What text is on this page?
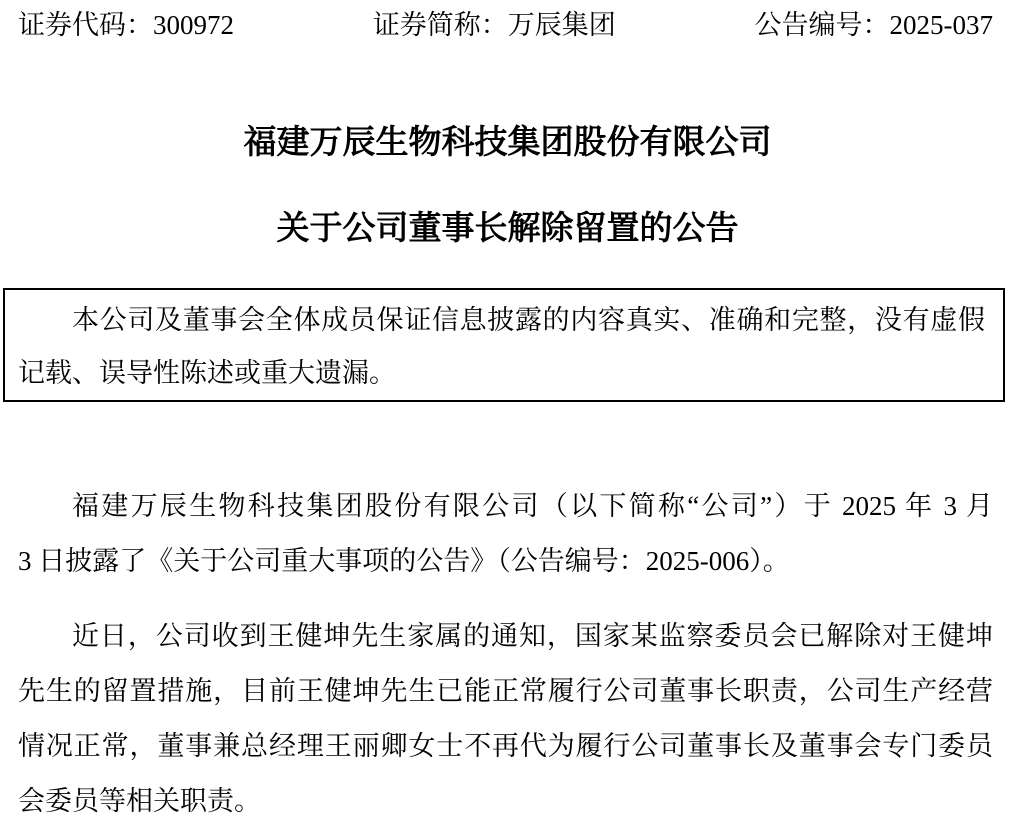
证券代码：300972	证券简称：万辰集团	公告编号：2025-037
福建万辰生物科技集团股份有限公司
关于公司董事长解除留置的公告
本公司及董事会全体成员保证信息披露的内容真实、准确和完整，没有虚假
记载、误导性陈述或重大遗漏。
福建万辰生物科技集团股份有限公司（以下简称“公司”）于 2025 年 3 月
3 日披露了《关于公司重大事项的公告》（公告编号：2025-006）。
近日，公司收到王健坤先生家属的通知，国家某监察委员会已解除对王健坤
先生的留置措施，目前王健坤先生已能正常履行公司董事长职责，公司生产经营
情况正常，董事兼总经理王丽卿女士不再代为履行公司董事长及董事会专门委员
会委员等相关职责。
